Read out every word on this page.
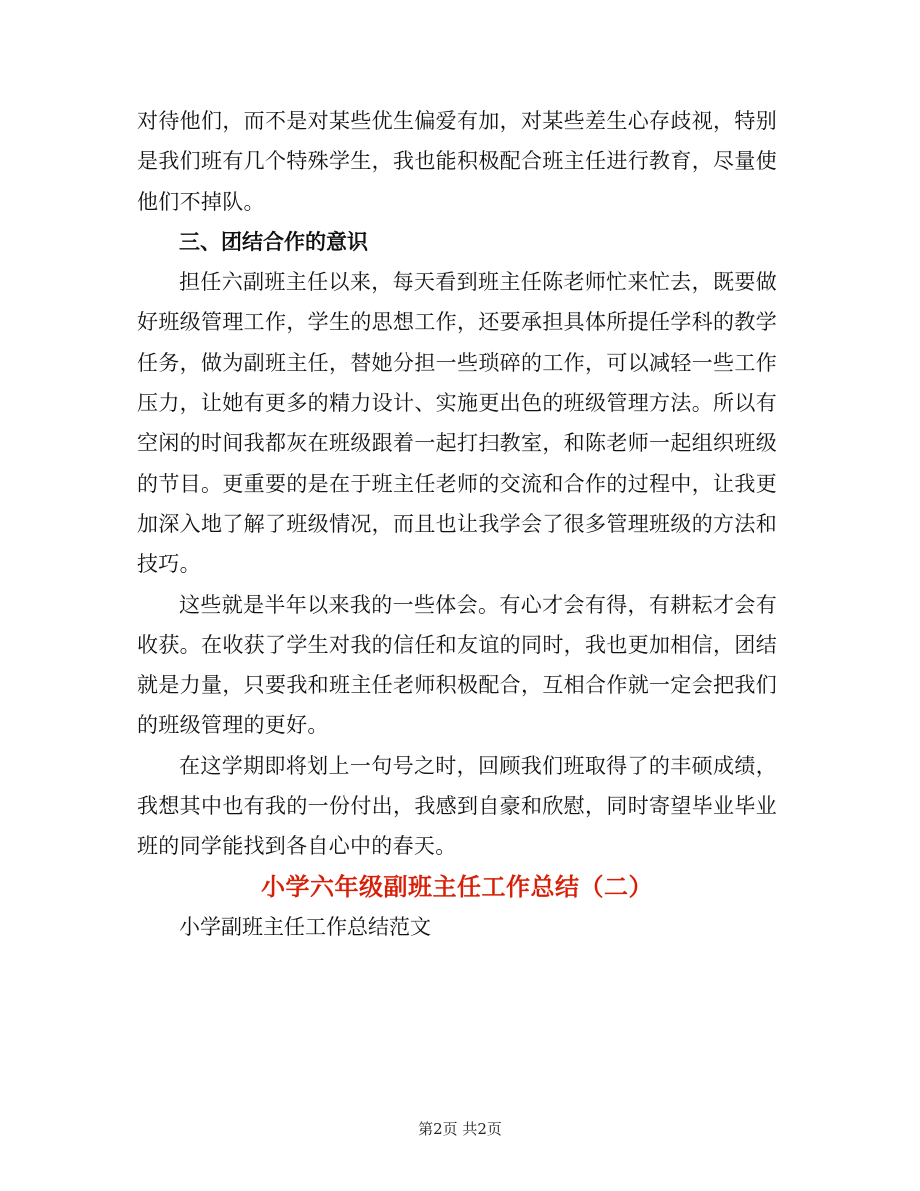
对待他们，而不是对某些优生偏爱有加，对某些差生心存歧视，特别是我们班有几个特殊学生，我也能积极配合班主任进行教育，尽量使他们不掉队。

三、团结合作的意识

担任六副班主任以来，每天看到班主任陈老师忙来忙去，既要做好班级管理工作，学生的思想工作，还要承担具体所提任学科的教学任务，做为副班主任，替她分担一些琐碎的工作，可以减轻一些工作压力，让她有更多的精力设计、实施更出色的班级管理方法。所以有空闲的时间我都灰在班级跟着一起打扫教室，和陈老师一起组织班级的节目。更重要的是在于班主任老师的交流和合作的过程中，让我更加深入地了解了班级情况，而且也让我学会了很多管理班级的方法和技巧。

这些就是半年以来我的一些体会。有心才会有得，有耕耘才会有收获。在收获了学生对我的信任和友谊的同时，我也更加相信，团结就是力量，只要我和班主任老师积极配合，互相合作就一定会把我们的班级管理的更好。

在这学期即将划上一句号之时，回顾我们班取得了的丰硕成绩，我想其中也有我的一份付出，我感到自豪和欣慰，同时寄望毕业毕业班的同学能找到各自心中的春天。

小学六年级副班主任工作总结（二）

小学副班主任工作总结范文

第2页 共2页
